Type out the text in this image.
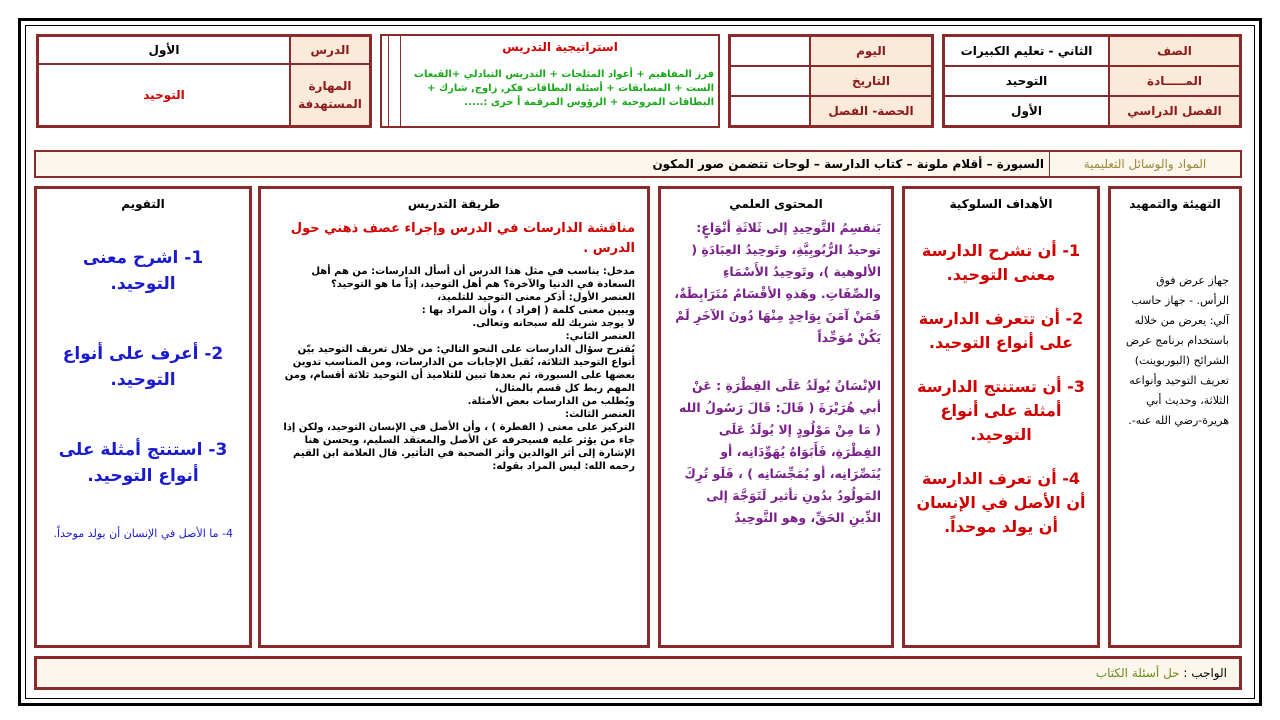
الصف
الثاني - تعليم الكبيرات
المـــــادة
التوحيد
الفصل الدراسي
الأول
اليوم
التاريخ
الحصة- الفصل
استراتيجية التدريس

فرز المفاهيم + أعواد المثلجات + التدريس التبادلي +القبعات

الست + المسابقات + أسئلة البطاقات فكر, زاوج, شارك +

البطاقات المروحية + الرؤوس المرقمة أ خرى :.....

الدرس
الأول
المهارة المستهدفة
التوحيد
المواد والوسائل التعليمية
السبورة – أقلام ملونة – كتاب الدارسة – لوحات تتضمن صور المكون
التهيئة والتمهيد

جهاز عرض فوق الرأس. - جهاز حاسب آلي: يعرض من خلاله باستخدام برنامج عرض الشرائح (البوربوينت) تعريف التوحيد وأنواعه الثلاثة، وحديث أبي هريرة-رضي الله عنه-.

الأهداف السلوكية

1- أن تشرح الدارسة معنى التوحيد.

2- أن تتعرف الدارسة على أنواع التوحيد.

3- أن تستنتج الدارسة أمثلة على أنواع التوحيد.

4- أن تعرف الدارسة أن الأصل في الإنسان أن يولد موحداً.

المحتوى العلمي

يَنقسِمُ التَّوحِيدِ إلى ثَلاثَةِ أنْوَاعٍ: توحيدُ الرُّبُوبِيَّةِ، وتَوحِيدُ العِبَادَةِ ( الألوهية )، وتَوحِيدُ الأَسْمَاءِ والصِّفَاتِ. وهَذهِ الأقْسَامُ مُتَرَابِطَةٌ، فَمَنْ آمَنَ بِوَاحِدٍ مِنْهَا دُونَ الآخَرِ لَمْ يَكُنْ مُوَحِّداً

الإنْسَانُ يُولَدُ عَلَى الفِطْرَةِ : عَنْ أبي هُرَيْرَةَ ( قَالَ: قَالَ رَسُولُ الله ( مَا مِنْ مَوْلُودٍ إلا يُولَدُ عَلَى الفِطْرَةِ، فَأَبَوَاهُ يُهَوِّدَانِه، أو يُنَصِّرَانِه، أو يُمَجِّسَانِه ) ، فَلَو تُرِكَ المَولُودُ بدُونِ تأثير لَتَوَجَّهَ إلى الدِّينِ الحَقِّ، وهو التَّوحِيدُ

طريقة التدريس

مناقشة الدارسات في الدرس وإجراء عصف ذهني حول الدرس .

مدخل: يناسب في مثل هذا الدرس أن أسأل الدارسات: من هم أهل السعادة في الدنيا والآخرة؟ هم أهل التوحيد، إذاً ما هو التوحيد؟

العنصر الأول: أذكر معنى التوحيد للتلميذ،

ويبين معنى كلمة ( إفراد ) ، وأن المراد بها :

لا يوجد شريك لله سبحانه وتعالى.

العنصر الثاني:

يُقترح سؤال الدارسات على النحو التالي: من خلال تعريف التوحيد بيّن أنواع التوحيد الثلاثة، تُقبل الإجابات من الدارسات، ومن المناسب تدوين بعضها على السبورة، ثم بعدها تبين للتلاميذ أن التوحيد ثلاثة أقسام، ومن المهم ربط كل قسم بالمثال،

ويُطلب من الدارسات بعض الأمثلة.

العنصر الثالث:

التركيز على معنى ( الفطرة ) ، وأن الأصل في الإنسان التوحيد، ولكن إذا جاء من يؤثر عليه فسيحرفه عن الأصل والمعتقد السليم، ويحسن هنا الإشارة إلى أثر الوالدين وأثر الصحبة في التأثير. قال العلامة ابن القيم رحمه الله: ليس المراد بقوله:

التقويم

1- اشرح معنى التوحيد.

2- أعرف على أنواع التوحيد.

3- استنتج أمثلة على أنواع التوحيد.

4- ما الأصل في الإنسان أن يولد موحداً.

الواجب : حل أسئلة الكتاب
